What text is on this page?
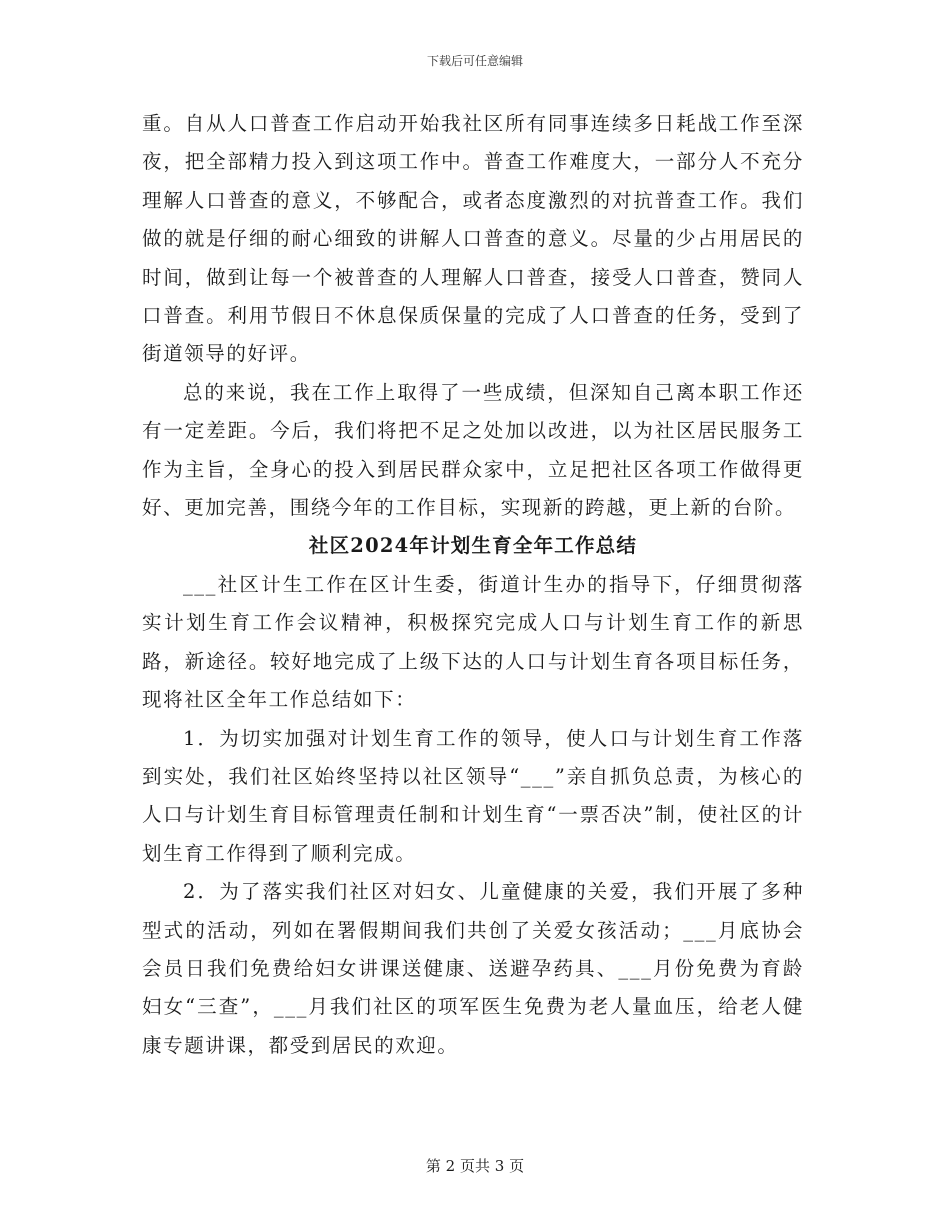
下载后可任意编辑

重。自从人口普查工作启动开始我社区所有同事连续多日耗战工作至深夜，把全部精力投入到这项工作中。普查工作难度大，一部分人不充分理解人口普查的意义，不够配合，或者态度激烈的对抗普查工作。我们做的就是仔细的耐心细致的讲解人口普查的意义。尽量的少占用居民的时间，做到让每一个被普查的人理解人口普查，接受人口普查，赞同人口普查。利用节假日不休息保质保量的完成了人口普查的任务，受到了街道领导的好评。

总的来说，我在工作上取得了一些成绩，但深知自己离本职工作还有一定差距。今后，我们将把不足之处加以改进，以为社区居民服务工作为主旨，全身心的投入到居民群众家中，立足把社区各项工作做得更好、更加完善，围绕今年的工作目标，实现新的跨越，更上新的台阶。

社区2024年计划生育全年工作总结

___社区计生工作在区计生委，街道计生办的指导下，仔细贯彻落实计划生育工作会议精神，积极探究完成人口与计划生育工作的新思路，新途径。较好地完成了上级下达的人口与计划生育各项目标任务，现将社区全年工作总结如下：

1．为切实加强对计划生育工作的领导，使人口与计划生育工作落到实处，我们社区始终坚持以社区领导“___”亲自抓负总责，为核心的人口与计划生育目标管理责任制和计划生育“一票否决”制，使社区的计划生育工作得到了顺利完成。

2．为了落实我们社区对妇女、儿童健康的关爱，我们开展了多种型式的活动，列如在署假期间我们共创了关爱女孩活动；___月底协会会员日我们免费给妇女讲课送健康、送避孕药具、___月份免费为育龄妇女“三查”，___月我们社区的项军医生免费为老人量血压，给老人健康专题讲课，都受到居民的欢迎。

第 2 页共 3 页
